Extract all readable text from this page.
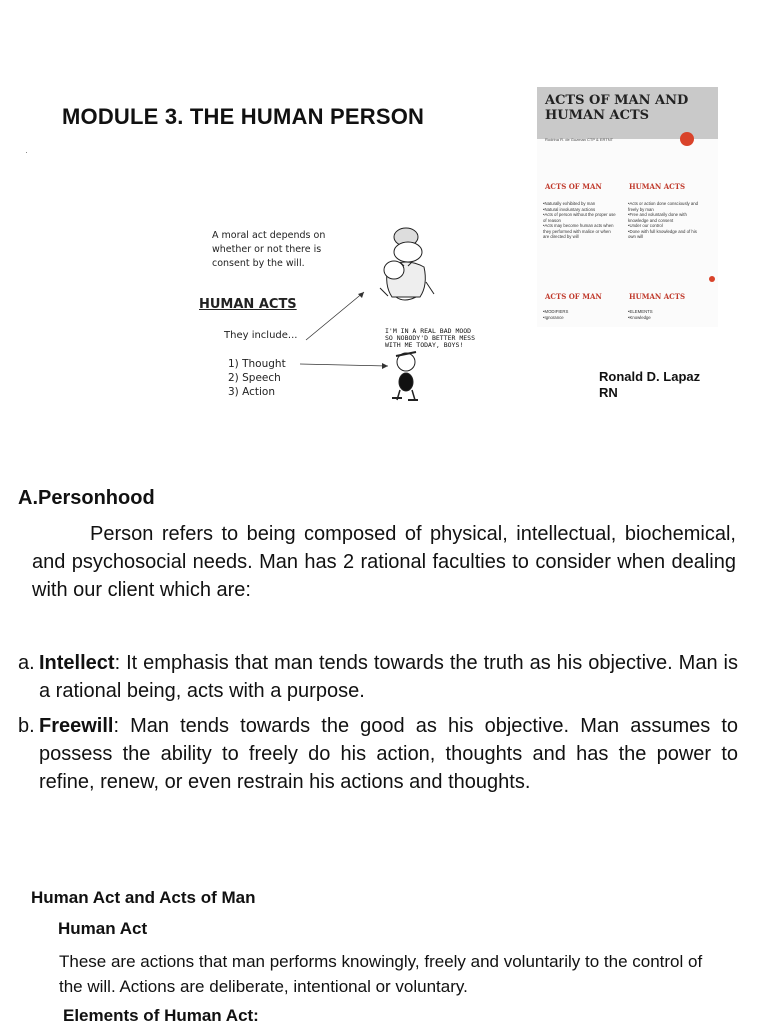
MODULE 3. THE HUMAN PERSON
A moral act depends on whether or not there is consent by the will.
HUMAN ACTS
They include...
1) Thought
2) Speech
3) Action
I'M IN A REAL BAD MOOD SO NOBODY'D BETTER MESS WITH ME TODAY, BOYS!
ACTS OF MAN AND
HUMAN ACTS
Rodrina R. de Guzman CTP & ERTNT
ACTS OF MAN	HUMAN ACTS
•Naturally exhibited by man
•Natural involuntary actions
•Acts of person without the proper use of reason
•Acts may become human acts when they performed with malice or when are directed by will
•Acts or action done consciously and freely by man
•Free and voluntarily done with knowledge and consent
•Under our control
•Done with full knowledge and of his own will
ACTS OF MAN	HUMAN ACTS
•MODIFIERS
•Ignorance
•ELEMENTS
•Knowledge
Ronald D. Lapaz
RN
A.Personhood

Person refers to being composed of physical, intellectual, biochemical, and psychosocial needs. Man has 2 rational faculties to consider when dealing with our client which are:

a. Intellect: It emphasis that man tends towards the truth as his objective. Man is a rational being, acts with a purpose.
b. Freewill: Man tends towards the good as his objective. Man assumes to possess the ability to freely do his action, thoughts and has the power to refine, renew, or even restrain his actions and thoughts.
Human Act and Acts of Man
Human Act
These are actions that man performs knowingly, freely and voluntarily to the control of the will. Actions are deliberate, intentional or voluntary.
Elements of Human Act:
